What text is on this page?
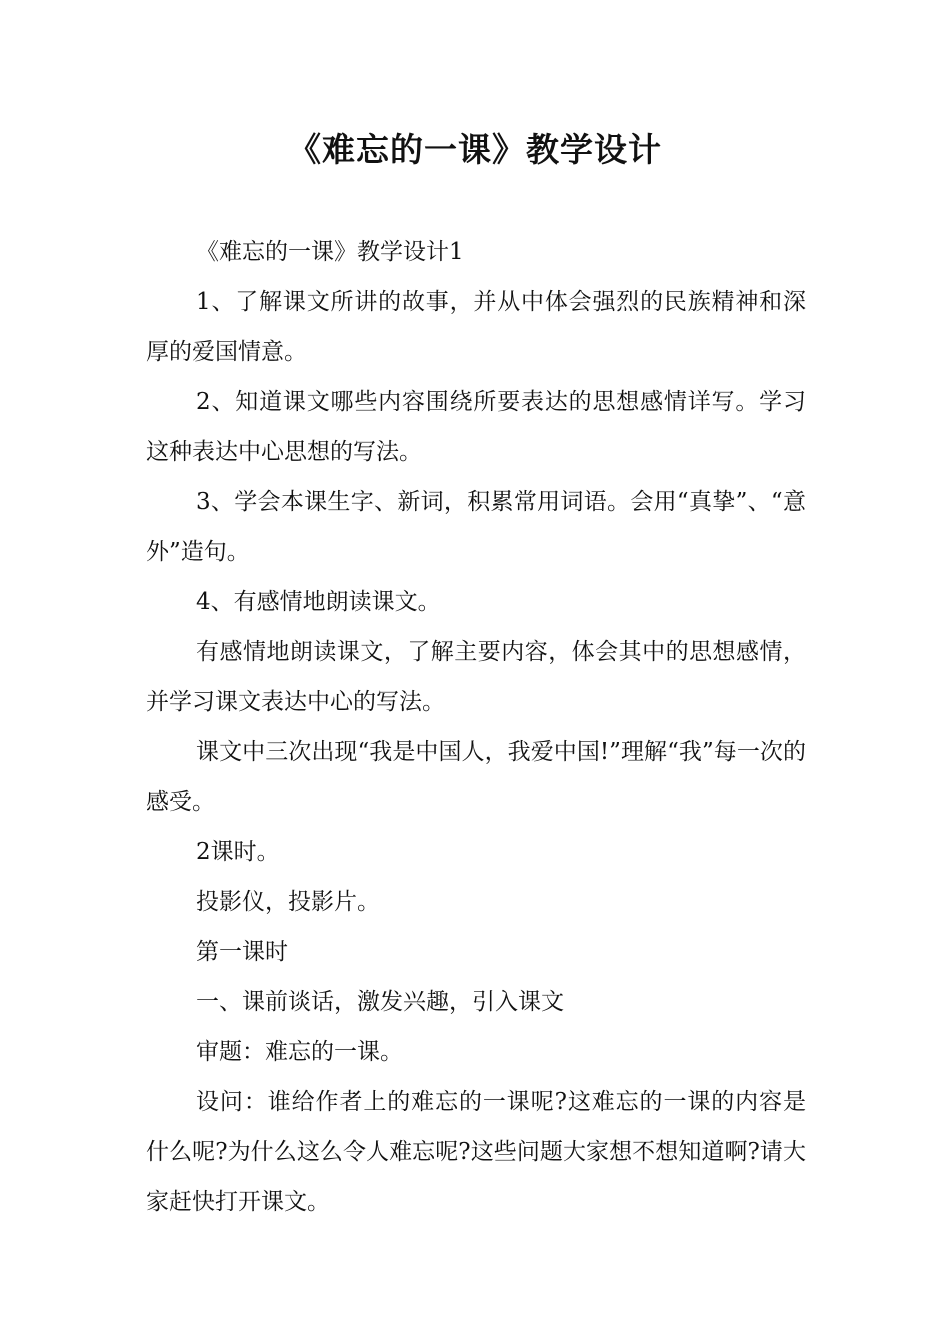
《难忘的一课》教学设计

《难忘的一课》教学设计1

1、了解课文所讲的故事，并从中体会强烈的民族精神和深厚的爱国情意。

2、知道课文哪些内容围绕所要表达的思想感情详写。学习这种表达中心思想的写法。

3、学会本课生字、新词，积累常用词语。会用“真挚”、“意外”造句。

4、有感情地朗读课文。

有感情地朗读课文，了解主要内容，体会其中的思想感情，并学习课文表达中心的写法。

课文中三次出现“我是中国人，我爱中国!”理解“我”每一次的感受。

2课时。

投影仪，投影片。

第一课时

一、课前谈话，激发兴趣，引入课文

审题：难忘的一课。

设问：谁给作者上的难忘的一课呢?这难忘的一课的内容是什么呢?为什么这么令人难忘呢?这些问题大家想不想知道啊?请大家赶快打开课文。
